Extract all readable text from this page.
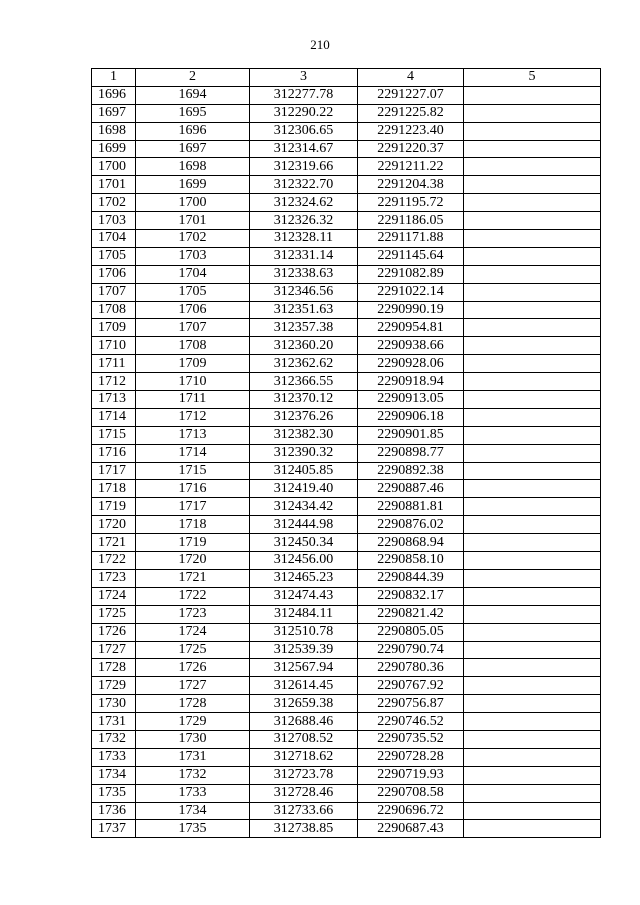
210
1	2	3	4	5
1696	1694	312277.78	2291227.07	
1697	1695	312290.22	2291225.82	
1698	1696	312306.65	2291223.40	
1699	1697	312314.67	2291220.37	
1700	1698	312319.66	2291211.22	
1701	1699	312322.70	2291204.38	
1702	1700	312324.62	2291195.72	
1703	1701	312326.32	2291186.05	
1704	1702	312328.11	2291171.88	
1705	1703	312331.14	2291145.64	
1706	1704	312338.63	2291082.89	
1707	1705	312346.56	2291022.14	
1708	1706	312351.63	2290990.19	
1709	1707	312357.38	2290954.81	
1710	1708	312360.20	2290938.66	
1711	1709	312362.62	2290928.06	
1712	1710	312366.55	2290918.94	
1713	1711	312370.12	2290913.05	
1714	1712	312376.26	2290906.18	
1715	1713	312382.30	2290901.85	
1716	1714	312390.32	2290898.77	
1717	1715	312405.85	2290892.38	
1718	1716	312419.40	2290887.46	
1719	1717	312434.42	2290881.81	
1720	1718	312444.98	2290876.02	
1721	1719	312450.34	2290868.94	
1722	1720	312456.00	2290858.10	
1723	1721	312465.23	2290844.39	
1724	1722	312474.43	2290832.17	
1725	1723	312484.11	2290821.42	
1726	1724	312510.78	2290805.05	
1727	1725	312539.39	2290790.74	
1728	1726	312567.94	2290780.36	
1729	1727	312614.45	2290767.92	
1730	1728	312659.38	2290756.87	
1731	1729	312688.46	2290746.52	
1732	1730	312708.52	2290735.52	
1733	1731	312718.62	2290728.28	
1734	1732	312723.78	2290719.93	
1735	1733	312728.46	2290708.58	
1736	1734	312733.66	2290696.72	
1737	1735	312738.85	2290687.43	
